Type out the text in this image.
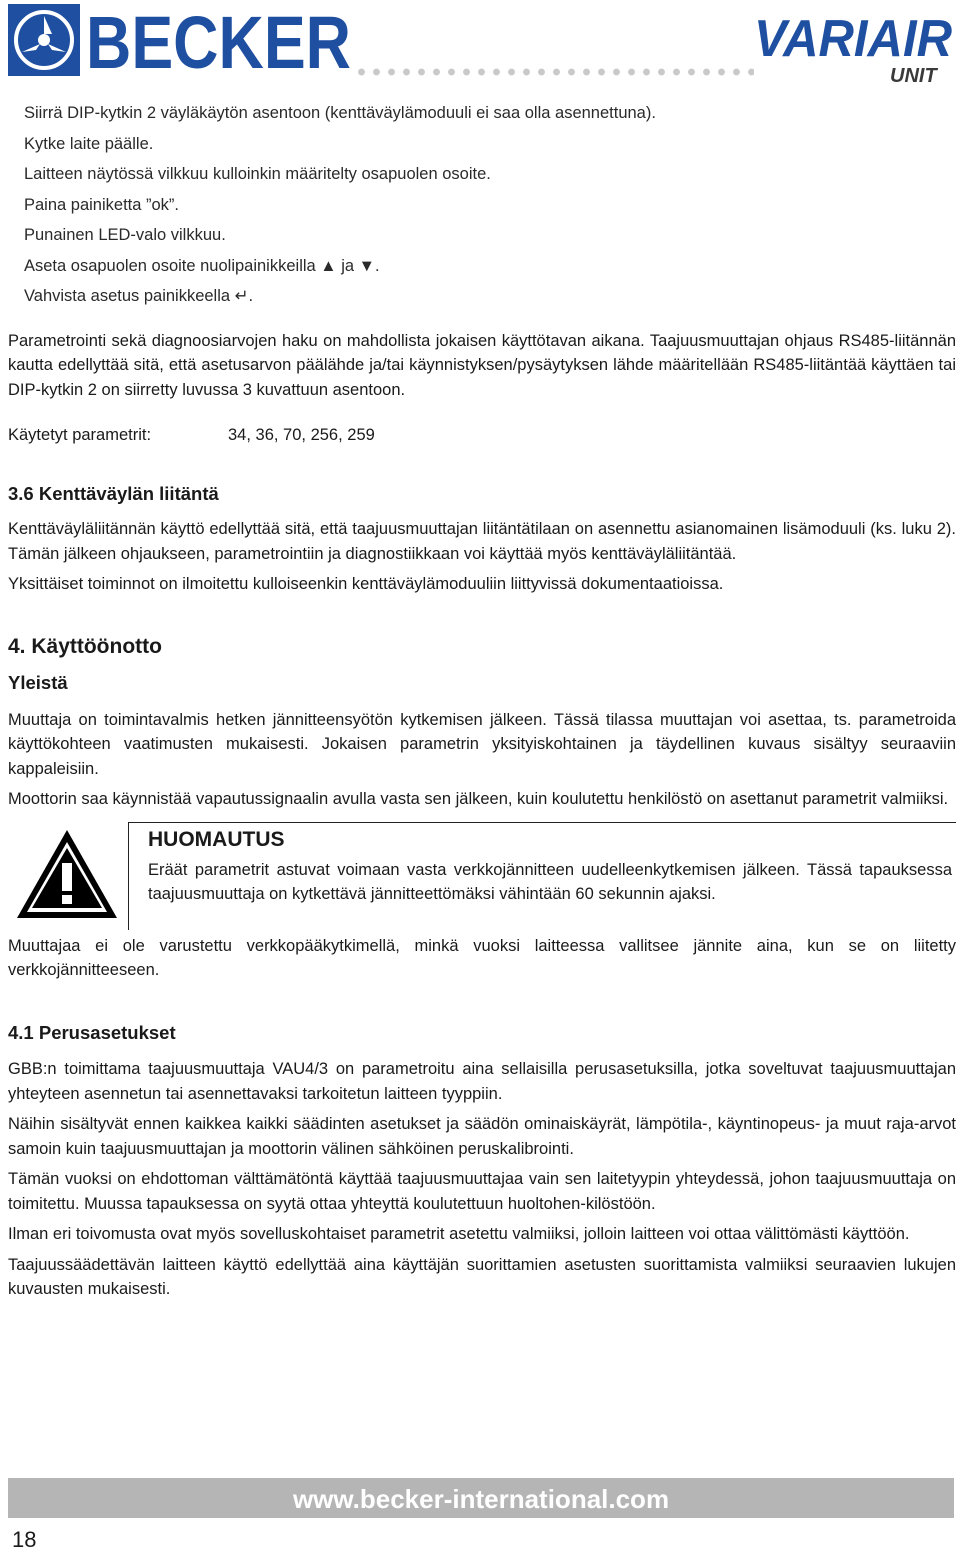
BECKER	VARIAIR
UNIT
Siirrä DIP-kytkin 2 väyläkäytön asentoon (kenttäväylämoduuli ei saa olla asennettuna).
Kytke laite päälle.
Laitteen näytössä vilkkuu kulloinkin määritelty osapuolen osoite.
Paina painiketta ”ok”.
Punainen LED-valo vilkkuu.
Aseta osapuolen osoite nuolipainikkeilla ▲ ja ▼.
Vahvista asetus painikkeella ↵.

Parametrointi sekä diagnoosiarvojen haku on mahdollista jokaisen käyttötavan aikana. Taajuusmuuttajan ohjaus RS485-liitännän kautta edellyttää sitä, että asetusarvon päälähde ja/tai käynnistyksen/pysäytyksen lähde määritellään RS485-liitäntää käyttäen tai DIP-kytkin 2 on siirretty luvussa 3 kuvattuun asentoon.

Käytetyt parametrit:	34, 36, 70, 256, 259
3.6 Kenttäväylän liitäntä

Kenttäväyläliitännän käyttö edellyttää sitä, että taajuusmuuttajan liitäntätilaan on asennettu asianomainen lisämoduuli (ks. luku 2). Tämän jälkeen ohjaukseen, parametrointiin ja diagnostiikkaan voi käyttää myös kenttäväyläliitäntää.

Yksittäiset toiminnot on ilmoitettu kulloiseenkin kenttäväylämoduuliin liittyvissä dokumentaatioissa.

4. Käyttöönotto
Yleistä

Muuttaja on toimintavalmis hetken jännitteensyötön kytkemisen jälkeen. Tässä tilassa muuttajan voi asettaa, ts. parametroida käyttökohteen vaatimusten mukaisesti. Jokaisen parametrin yksityiskohtainen ja täydellinen kuvaus sisältyy seuraaviin kappaleisiin.

Moottorin saa käynnistää vapautussignaalin avulla vasta sen jälkeen, kuin koulutettu henkilöstö on asettanut parametrit valmiiksi.

HUOMAUTUS

Eräät parametrit astuvat voimaan vasta verkkojännitteen uudelleenkytkemisen jälkeen. Tässä tapauksessa taajuusmuuttaja on kytkettävä jännitteettömäksi vähintään 60 sekunnin ajaksi.

Muuttajaa ei ole varustettu verkkopääkytkimellä, minkä vuoksi laitteessa vallitsee jännite aina, kun se on liitetty verkkojännitteeseen.

4.1 Perusasetukset

GBB:n toimittama taajuusmuuttaja VAU4/3 on parametroitu aina sellaisilla perusasetuksilla, jotka soveltuvat taajuusmuuttajan yhteyteen asennetun tai asennettavaksi tarkoitetun laitteen tyyppiin.

Näihin sisältyvät ennen kaikkea kaikki säädinten asetukset ja säädön ominaiskäyrät, lämpötila-, käyntinopeus- ja muut raja-arvot samoin kuin taajuusmuuttajan ja moottorin välinen sähköinen peruskalibrointi.

Tämän vuoksi on ehdottoman välttämätöntä käyttää taajuusmuuttajaa vain sen laitetyypin yhteydessä, johon taajuusmuuttaja on toimitettu. Muussa tapauksessa on syytä ottaa yhteyttä koulutettuun huoltohen-kilöstöön.

Ilman eri toivomusta ovat myös sovelluskohtaiset parametrit asetettu valmiiksi, jolloin laitteen voi ottaa välittömästi käyttöön.

Taajuussäädettävän laitteen käyttö edellyttää aina käyttäjän suorittamien asetusten suorittamista valmiiksi seuraavien lukujen kuvausten mukaisesti.

www.becker-international.com
18
